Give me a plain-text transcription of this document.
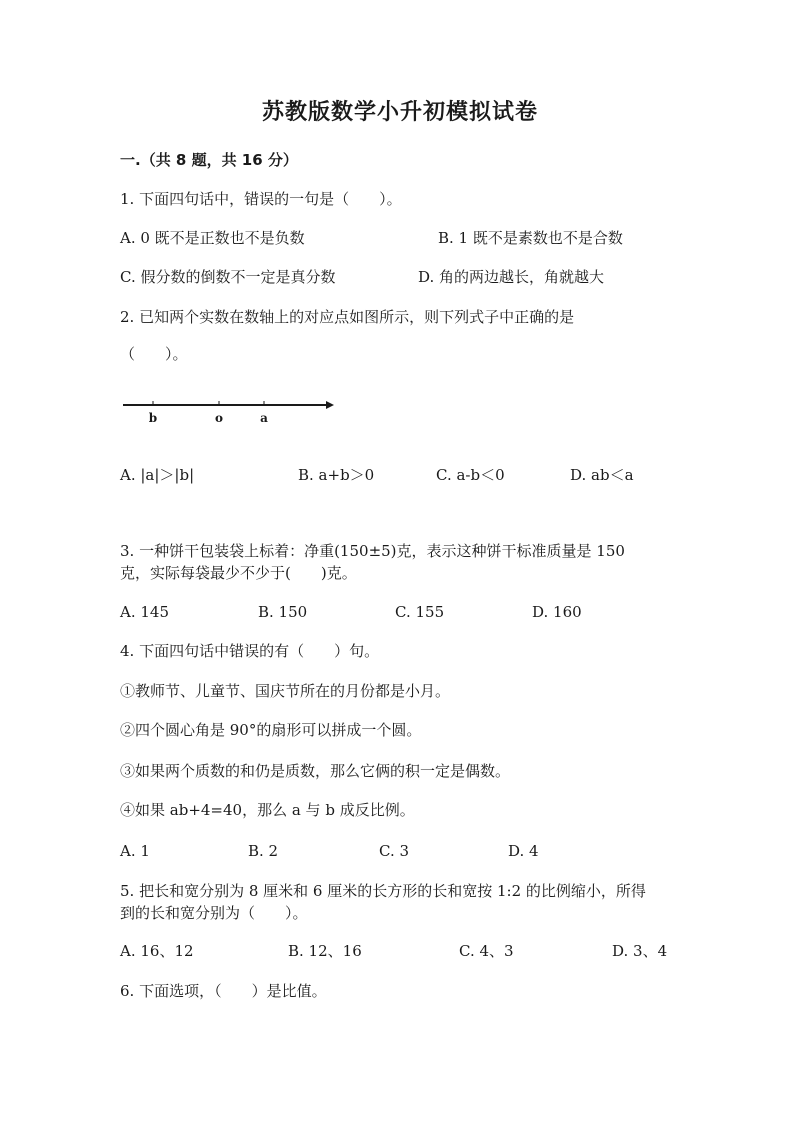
苏教版数学小升初模拟试卷
一.（共 8 题，共 16 分）
1. 下面四句话中，错误的一句是（　　）。
A. 0 既不是正数也不是负数	B. 1 既不是素数也不是合数
C. 假分数的倒数不一定是真分数	D. 角的两边越长，角就越大
2. 已知两个实数在数轴上的对应点如图所示，则下列式子中正确的是
（　　）。
b	o	a
A. |a|＞|b|	B. a+b＞0	C. a-b＜0	D. ab＜a
3. 一种饼干包装袋上标着：净重(150±5)克，表示这种饼干标准质量是 150
克，实际每袋最少不少于(　　)克。
A. 145	B. 150	C. 155	D. 160
4. 下面四句话中错误的有（　　）句。
①教师节、儿童节、国庆节所在的月份都是小月。
②四个圆心角是 90°的扇形可以拼成一个圆。
③如果两个质数的和仍是质数，那么它俩的积一定是偶数。
④如果 ab+4=40，那么 a 与 b 成反比例。
A. 1	B. 2	C. 3	D. 4
5. 把长和宽分别为 8 厘米和 6 厘米的长方形的长和宽按 1:2 的比例缩小，所得
到的长和宽分别为（　　）。
A. 16、12	B. 12、16	C. 4、3	D. 3、4
6. 下面选项，（　　）是比值。
